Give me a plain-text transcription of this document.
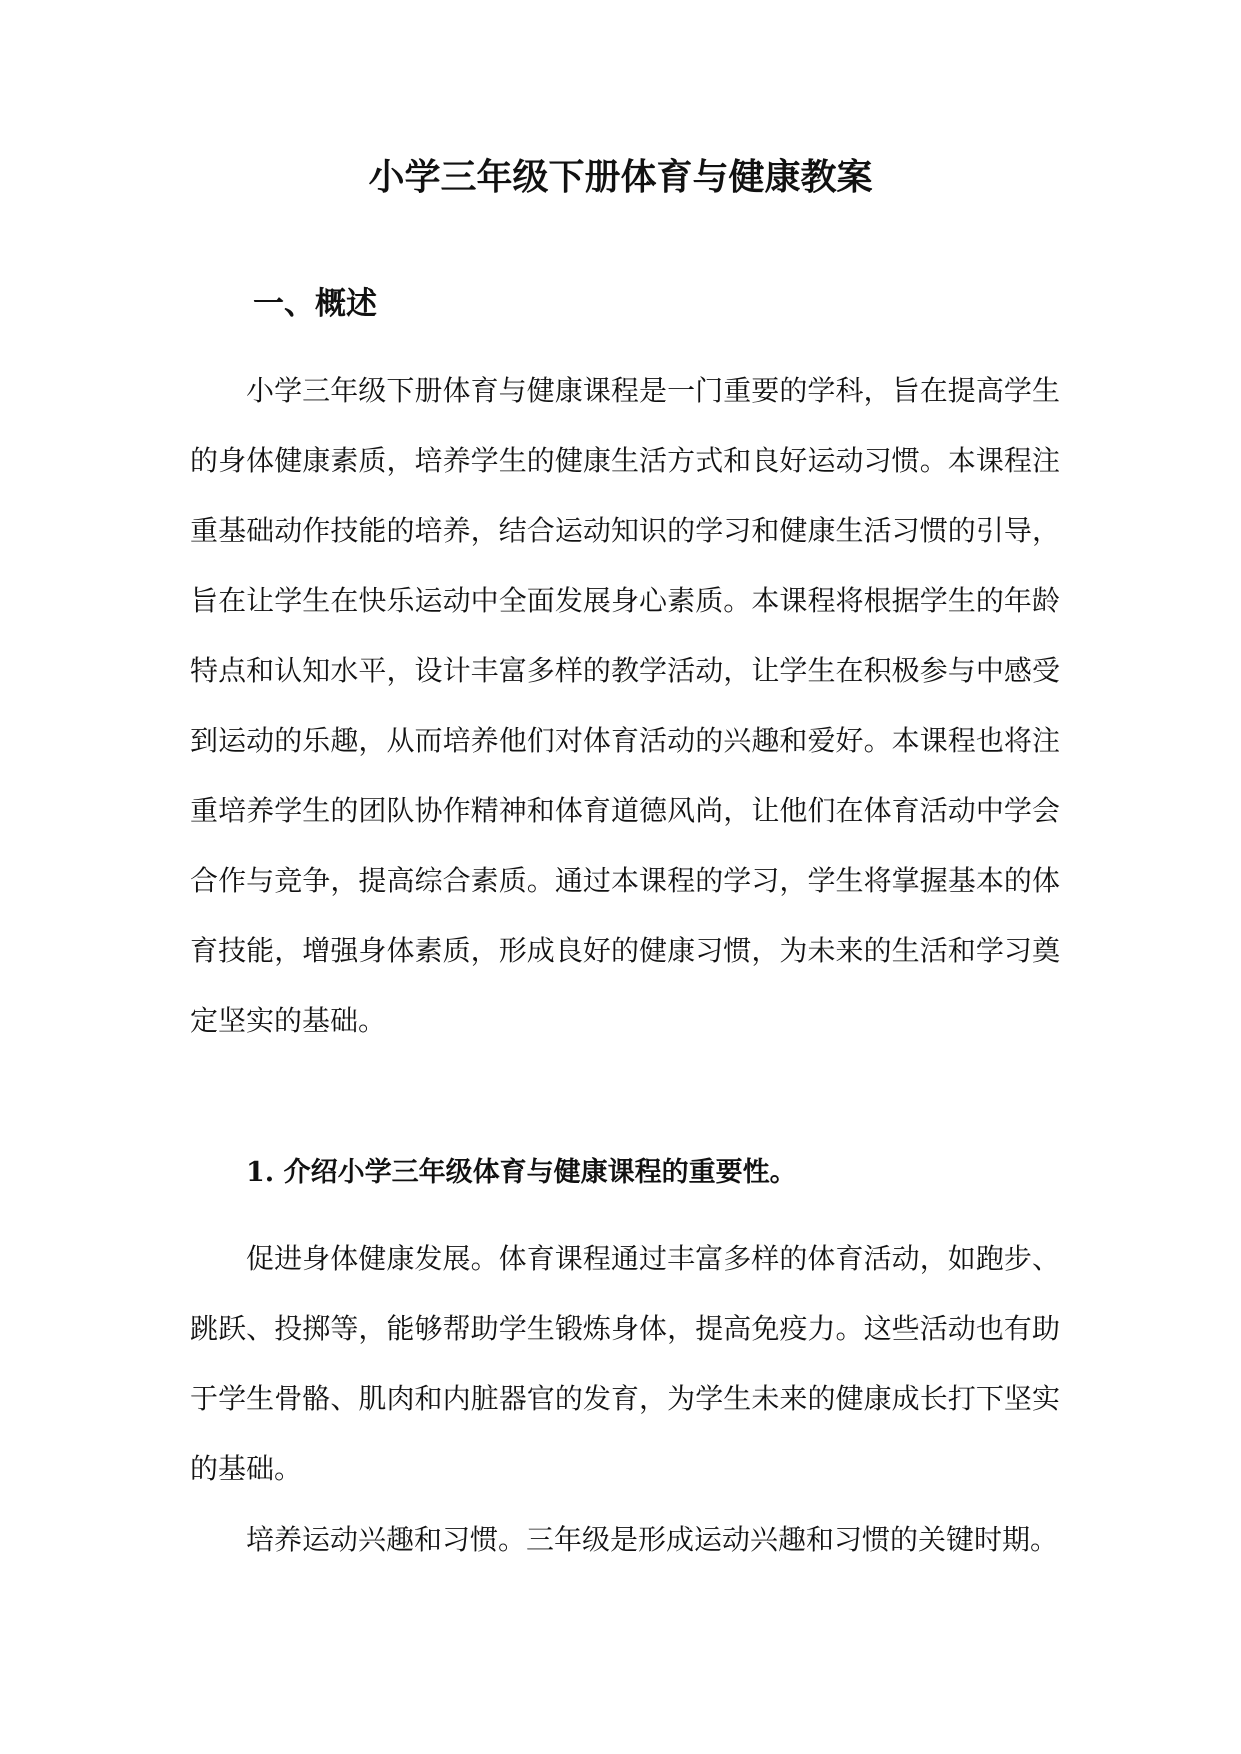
小学三年级下册体育与健康教案
一、概述

小学三年级下册体育与健康课程是一门重要的学科，旨在提高学生的身体健康素质，培养学生的健康生活方式和良好运动习惯。本课程注重基础动作技能的培养，结合运动知识的学习和健康生活习惯的引导，旨在让学生在快乐运动中全面发展身心素质。本课程将根据学生的年龄特点和认知水平，设计丰富多样的教学活动，让学生在积极参与中感受到运动的乐趣，从而培养他们对体育活动的兴趣和爱好。本课程也将注重培养学生的团队协作精神和体育道德风尚，让他们在体育活动中学会合作与竞争，提高综合素质。通过本课程的学习，学生将掌握基本的体育技能，增强身体素质，形成良好的健康习惯，为未来的生活和学习奠定坚实的基础。

1. 介绍小学三年级体育与健康课程的重要性。

促进身体健康发展。体育课程通过丰富多样的体育活动，如跑步、跳跃、投掷等，能够帮助学生锻炼身体，提高免疫力。这些活动也有助于学生骨骼、肌肉和内脏器官的发育，为学生未来的健康成长打下坚实的基础。

培养运动兴趣和习惯。三年级是形成运动兴趣和习惯的关键时期。
